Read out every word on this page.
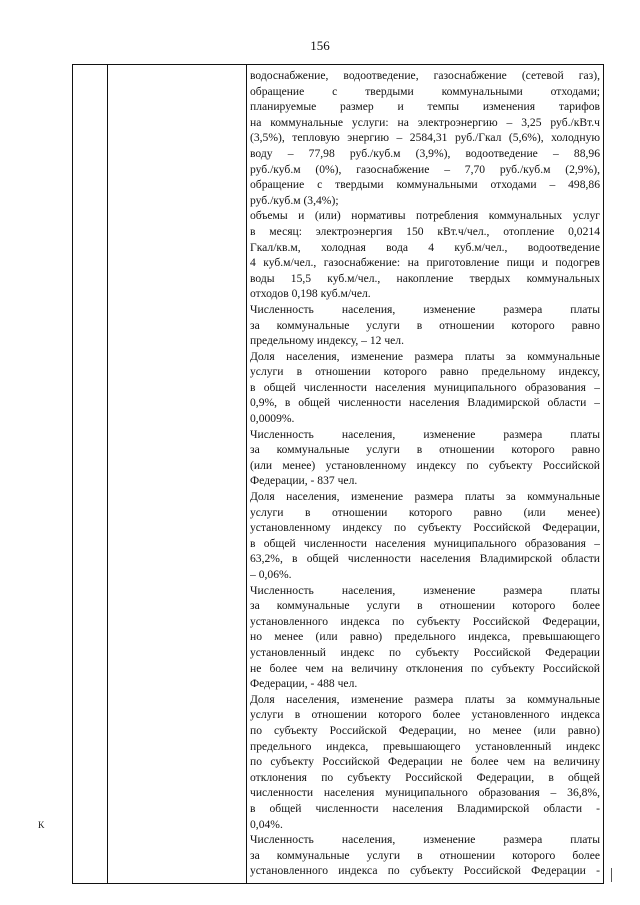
156
водоснабжение, водоотведение, газоснабжение (сетевой газ),
обращение с твердыми коммунальными отходами;
планируемые размер и темпы изменения тарифов
на коммунальные услуги: на электроэнергию – 3,25 руб./кВт.ч
(3,5%), тепловую энергию – 2584,31 руб./Гкал (5,6%), холодную
воду – 77,98 руб./куб.м (3,9%), водоотведение – 88,96
руб./куб.м (0%), газоснабжение – 7,70 руб./куб.м (2,9%),
обращение с твердыми коммунальными отходами – 498,86
руб./куб.м (3,4%);
объемы и (или) нормативы потребления коммунальных услуг
в месяц: электроэнергия 150 кВт.ч/чел., отопление 0,0214
Гкал/кв.м, холодная вода 4 куб.м/чел., водоотведение
4 куб.м/чел., газоснабжение: на приготовление пищи и подогрев
воды 15,5 куб.м/чел., накопление твердых коммунальных
отходов 0,198 куб.м/чел.
Численность населения, изменение размера платы
за коммунальные услуги в отношении которого равно
предельному индексу, – 12 чел.
Доля населения, изменение размера платы за коммунальные
услуги в отношении которого равно предельному индексу,
в общей численности населения муниципального образования –
0,9%, в общей численности населения Владимирской области –
0,0009%.
Численность населения, изменение размера платы
за коммунальные услуги в отношении которого равно
(или менее) установленному индексу по субъекту Российской
Федерации, - 837 чел.
Доля населения, изменение размера платы за коммунальные
услуги в отношении которого равно (или менее)
установленному индексу по субъекту Российской Федерации,
в общей численности населения муниципального образования –
63,2%, в общей численности населения Владимирской области
– 0,06%.
Численность населения, изменение размера платы
за коммунальные услуги в отношении которого более
установленного индекса по субъекту Российской Федерации,
но менее (или равно) предельного индекса, превышающего
установленный индекс по субъекту Российской Федерации
не более чем на величину отклонения по субъекту Российской
Федерации, - 488 чел.
Доля населения, изменение размера платы за коммунальные
услуги в отношении которого более установленного индекса
по субъекту Российской Федерации, но менее (или равно)
предельного индекса, превышающего установленный индекс
по субъекту Российской Федерации не более чем на величину
отклонения по субъекту Российской Федерации, в общей
численности населения муниципального образования – 36,8%,
в общей численности населения Владимирской области -
0,04%.
Численность населения, изменение размера платы
за коммунальные услуги в отношении которого более
установленного индекса по субъекту Российской Федерации -
K
